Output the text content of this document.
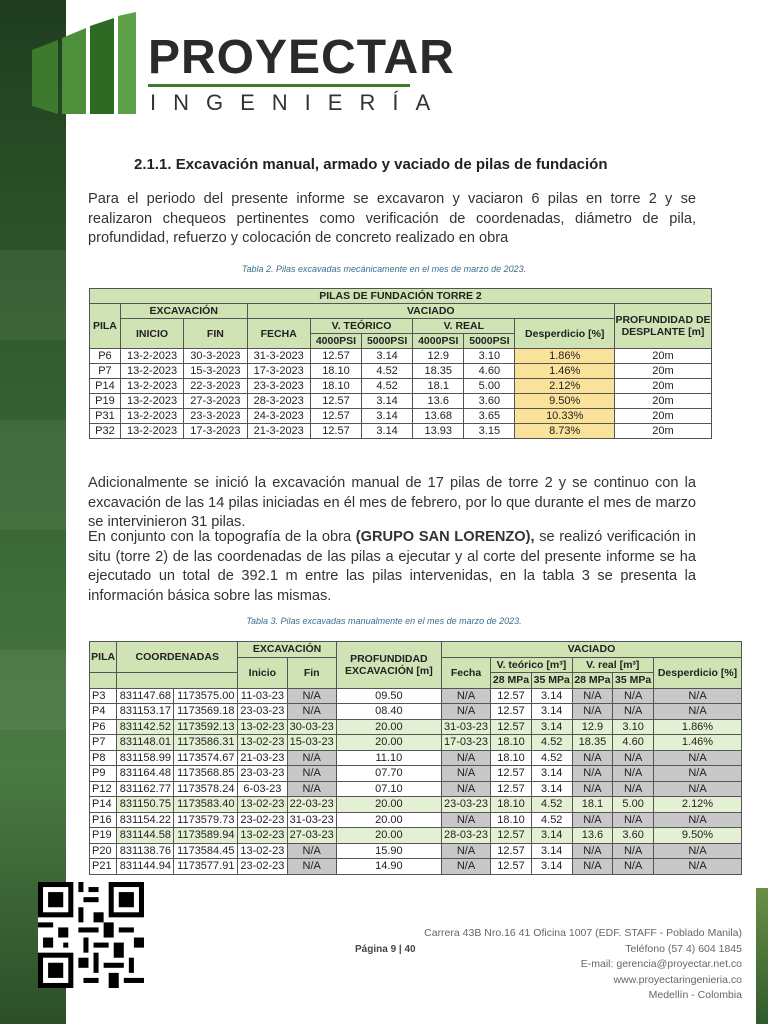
PROYECTAR
INGENIERÍA
2.1.1. Excavación manual, armado y vaciado de pilas de fundación

Para el periodo del presente informe se excavaron y vaciaron 6 pilas en torre 2 y se realizaron chequeos pertinentes como verificación de coordenadas, diámetro de pila, profundidad, refuerzo y colocación de concreto realizado en obra

Tabla 2. Pilas excavadas mecánicamente en el mes de marzo de 2023.
PILAS DE FUNDACIÓN TORRE 2									
PILA	EXCAVACIÓN		VACIADO						PROFUNDIDAD DE DESPLANTE [m]
	INICIO	FIN	FECHA	V. TEÓRICO		V. REAL		Desperdicio [%]	
				4000PSI	5000PSI	4000PSI	5000PSI		
P6	13-2-2023	30-3-2023	31-3-2023	12.57	3.14	12.9	3.10	1.86%	20m
P7	13-2-2023	15-3-2023	17-3-2023	18.10	4.52	18.35	4.60	1.46%	20m
P14	13-2-2023	22-3-2023	23-3-2023	18.10	4.52	18.1	5.00	2.12%	20m
P19	13-2-2023	27-3-2023	28-3-2023	12.57	3.14	13.6	3.60	9.50%	20m
P31	13-2-2023	23-3-2023	24-3-2023	12.57	3.14	13.68	3.65	10.33%	20m
P32	13-2-2023	17-3-2023	21-3-2023	12.57	3.14	13.93	3.15	8.73%	20m

Adicionalmente se inició la excavación manual de 17 pilas de torre 2 y se continuo con la excavación de las 14 pilas iniciadas en él mes de febrero, por lo que durante el mes de marzo se intervinieron 31 pilas.

En conjunto con la topografía de la obra (GRUPO SAN LORENZO), se realizó verificación in situ (torre 2) de las coordenadas de las pilas a ejecutar y al corte del presente informe se ha ejecutado un total de 392.1 m entre las pilas intervenidas, en la tabla 3 se presenta la información básica sobre las mismas.

Tabla 3. Pilas excavadas manualmente en el mes de marzo de 2023.
PILA	COORDENADAS		EXCAVACIÓN		PROFUNDIDAD EXCAVACIÓN [m]	VACIADO					
			Inicio	Fin		Fecha	V. teórico [m³]		V. real [m³]		Desperdicio [%]
							28 MPa	35 MPa	28 MPa	35 MPa	
P3	831147.68	1173575.00	11-03-23	N/A	09.50	N/A	12.57	3.14	N/A	N/A	N/A
P4	831153.17	1173569.18	23-03-23	N/A	08.40	N/A	12.57	3.14	N/A	N/A	N/A
P6	831142.52	1173592.13	13-02-23	30-03-23	20.00	31-03-23	12.57	3.14	12.9	3.10	1.86%
P7	831148.01	1173586.31	13-02-23	15-03-23	20.00	17-03-23	18.10	4.52	18.35	4.60	1.46%
P8	831158.99	1173574.67	21-03-23	N/A	11.10	N/A	18.10	4.52	N/A	N/A	N/A
P9	831164.48	1173568.85	23-03-23	N/A	07.70	N/A	12.57	3.14	N/A	N/A	N/A
P12	831162.77	1173578.24	6-03-23	N/A	07.10	N/A	12.57	3.14	N/A	N/A	N/A
P14	831150.75	1173583.40	13-02-23	22-03-23	20.00	23-03-23	18.10	4.52	18.1	5.00	2.12%
P16	831154.22	1173579.73	23-02-23	31-03-23	20.00	N/A	18.10	4.52	N/A	N/A	N/A
P19	831144.58	1173589.94	13-02-23	27-03-23	20.00	28-03-23	12.57	3.14	13.6	3.60	9.50%
P20	831138.76	1173584.45	13-02-23	N/A	15.90	N/A	12.57	3.14	N/A	N/A	N/A
P21	831144.94	1173577.91	23-02-23	N/A	14.90	N/A	12.57	3.14	N/A	N/A	N/A
Página 9 | 40
Carrera 43B Nro.16 41 Oficina 1007 (EDF. STAFF - Poblado Manila)
Teléfono (57 4) 604 1845
E-mail: gerencia@proyectar.net.co
www.proyectaringenieria.co
Medellín - Colombia
